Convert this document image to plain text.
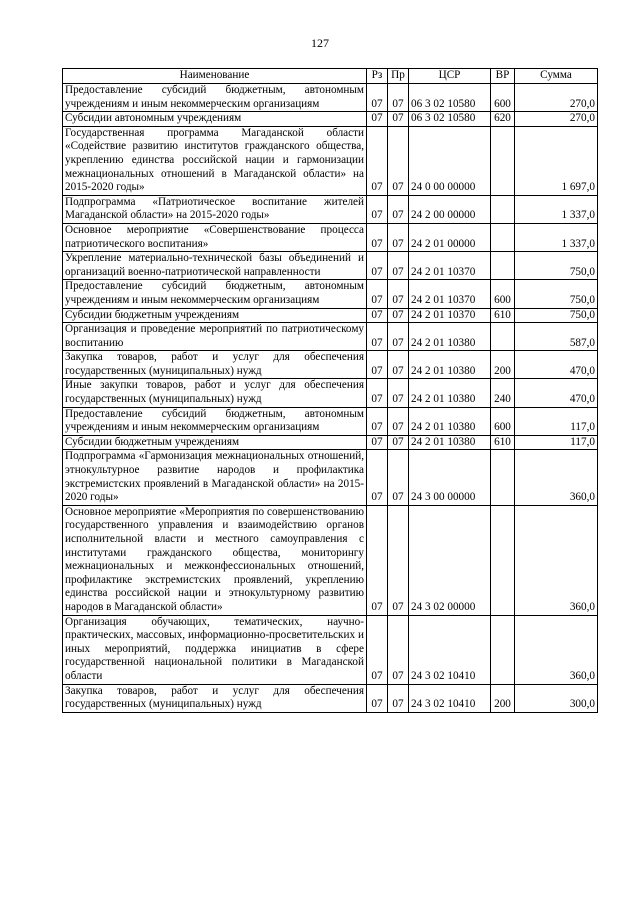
127
Наименование	Рз	Пр	ЦСР	ВР	Сумма
Предоставление субсидий бюджетным, автономным учреждениям и иным некоммерческим организациям	07	07	06 3 02 10580	600	270,0
Субсидии автономным учреждениям	07	07	06 3 02 10580	620	270,0
Государственная программа Магаданской области «Содействие развитию институтов гражданского общества, укреплению единства российской нации и гармонизации межнациональных отношений в Магаданской области» на 2015-2020 годы»	07	07	24 0 00 00000		1 697,0
Подпрограмма «Патриотическое воспитание жителей Магаданской области» на 2015-2020 годы»	07	07	24 2 00 00000		1 337,0
Основное мероприятие «Совершенствование процесса патриотического воспитания»	07	07	24 2 01 00000		1 337,0
Укрепление материально-технической базы объединений и организаций военно-патриотической направленности	07	07	24 2 01 10370		750,0
Предоставление субсидий бюджетным, автономным учреждениям и иным некоммерческим организациям	07	07	24 2 01 10370	600	750,0
Субсидии бюджетным учреждениям	07	07	24 2 01 10370	610	750,0
Организация и проведение мероприятий по патриотическому воспитанию	07	07	24 2 01 10380		587,0
Закупка товаров, работ и услуг для обеспечения государственных (муниципальных) нужд	07	07	24 2 01 10380	200	470,0
Иные закупки товаров, работ и услуг для обеспечения государственных (муниципальных) нужд	07	07	24 2 01 10380	240	470,0
Предоставление субсидий бюджетным, автономным учреждениям и иным некоммерческим организациям	07	07	24 2 01 10380	600	117,0
Субсидии бюджетным учреждениям	07	07	24 2 01 10380	610	117,0
Подпрограмма «Гармонизация межнациональных отношений, этнокультурное развитие народов и профилактика экстремистских проявлений в Магаданской области» на 2015-2020 годы»	07	07	24 3 00 00000		360,0
Основное мероприятие «Мероприятия по совершенствованию государственного управления и взаимодействию органов исполнительной власти и местного самоуправления с институтами гражданского общества, мониторингу межнациональных и межконфессиональных отношений, профилактике экстремистских проявлений, укреплению единства российской нации и этнокультурному развитию народов в Магаданской области»	07	07	24 3 02 00000		360,0
Организация обучающих, тематических, научно-практических, массовых, информационно-просветительских и иных мероприятий, поддержка инициатив в сфере государственной национальной политики в Магаданской области	07	07	24 3 02 10410		360,0
Закупка товаров, работ и услуг для обеспечения государственных (муниципальных) нужд	07	07	24 3 02 10410	200	300,0
